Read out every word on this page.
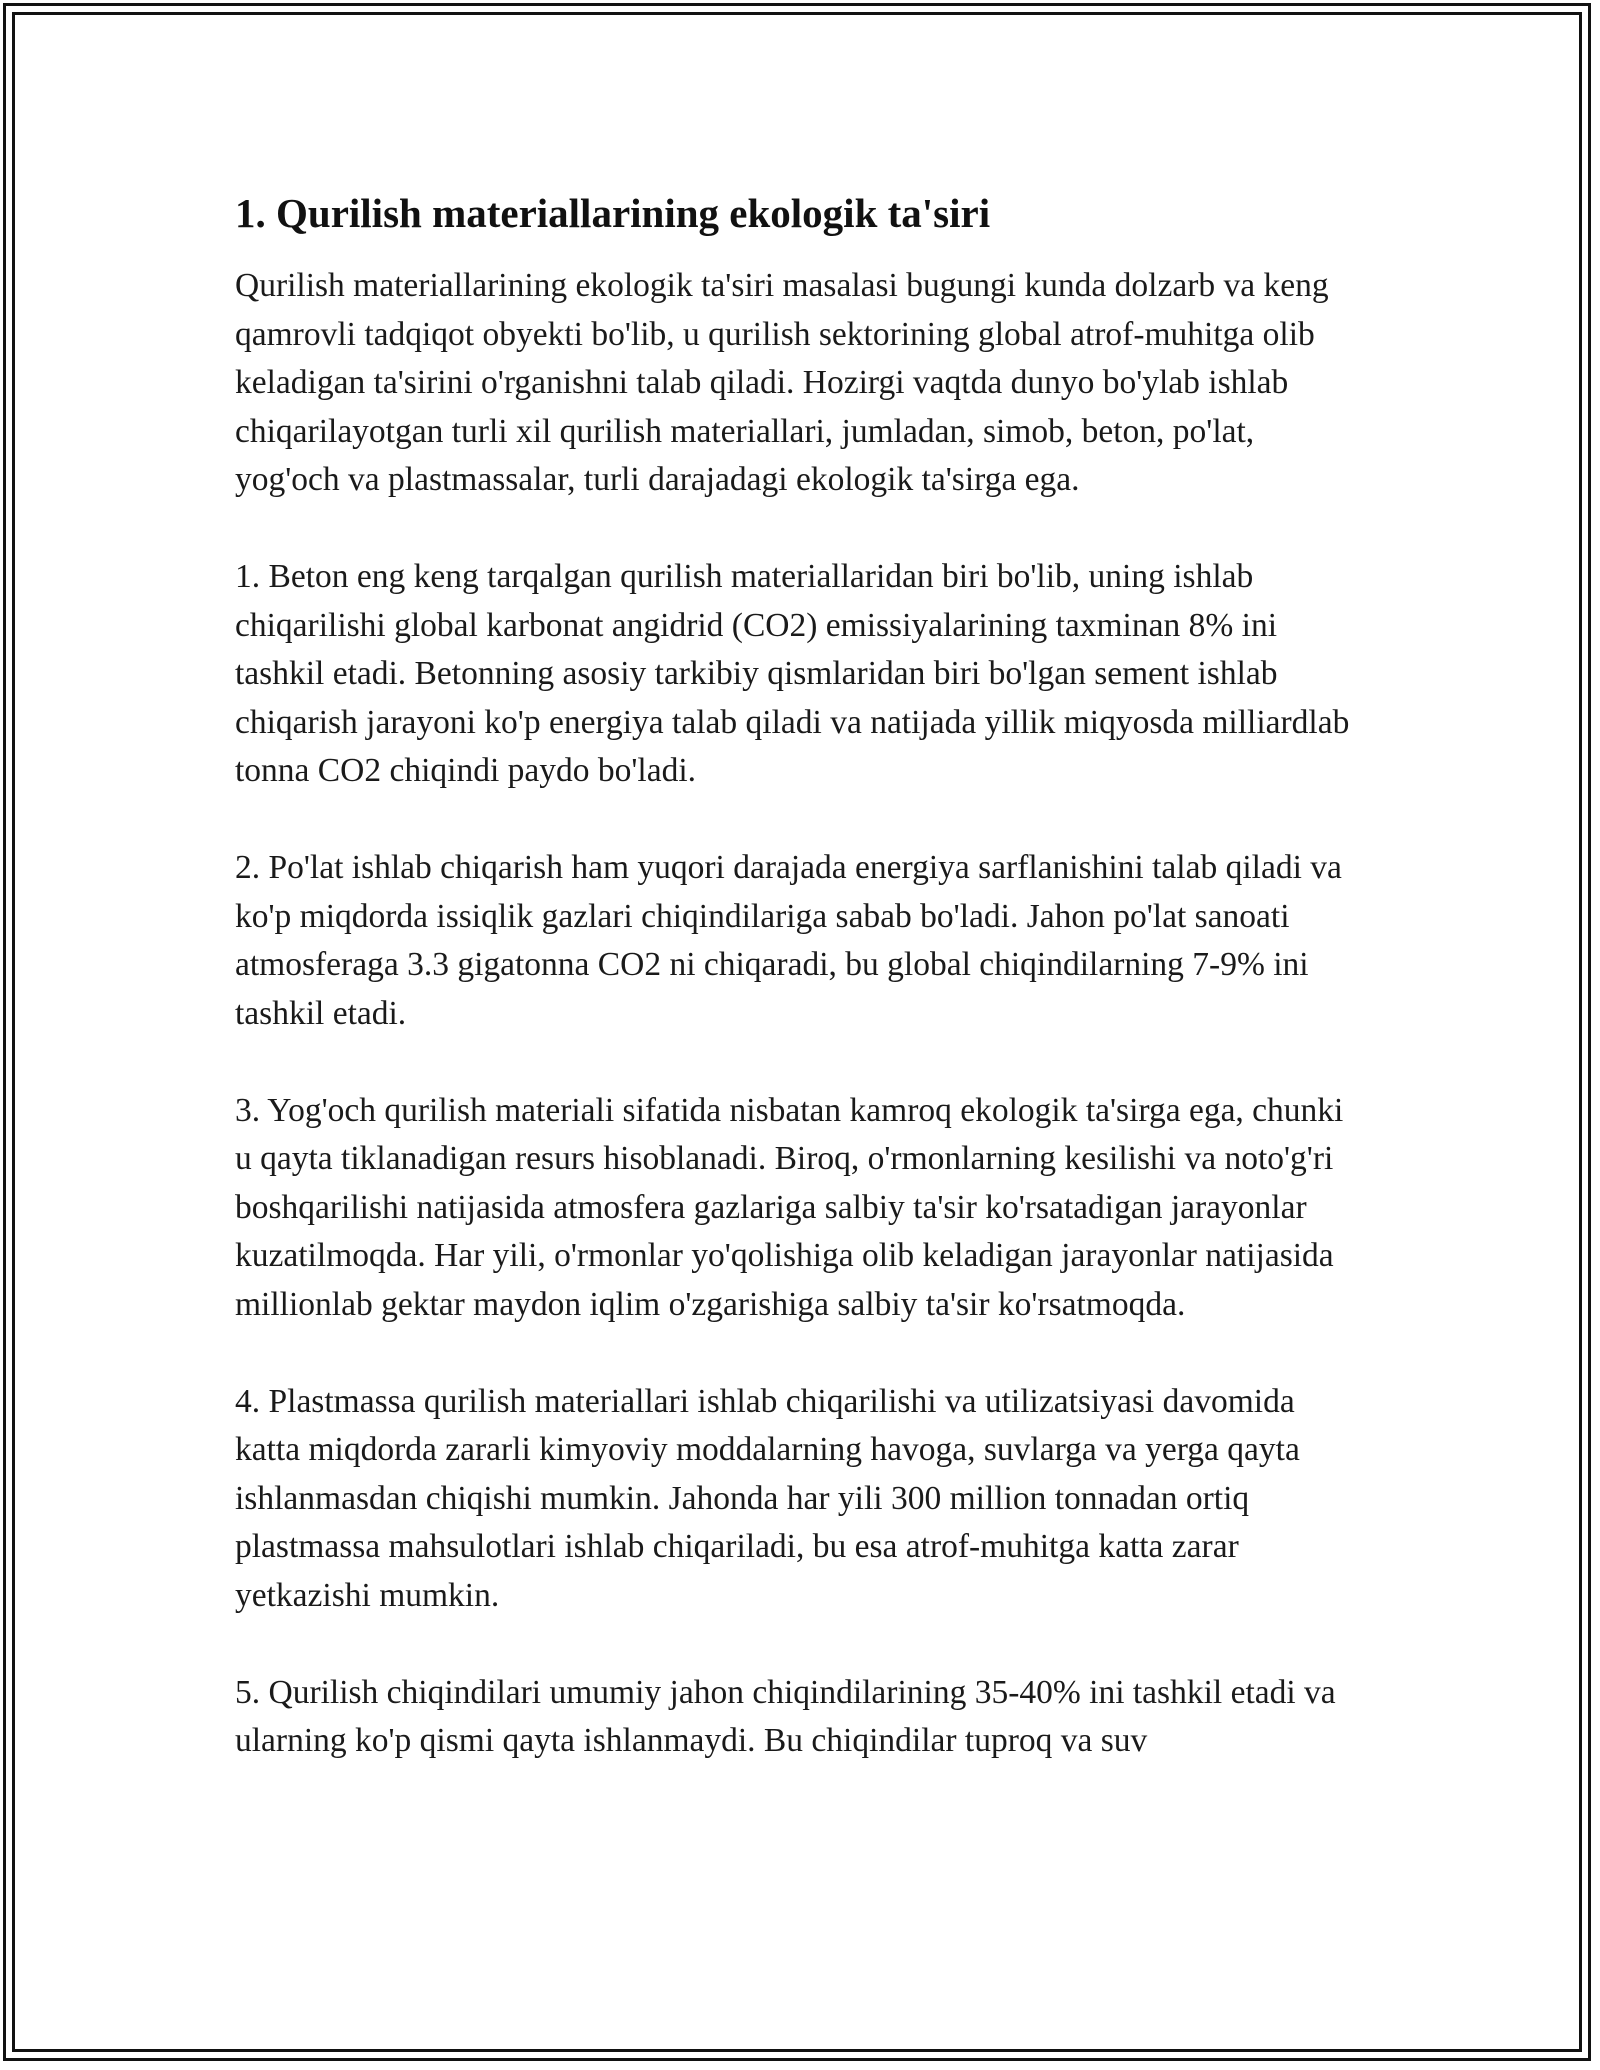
1. Qurilish materiallarining ekologik ta'siri

Qurilish materiallarining ekologik ta'siri masalasi bugungi kunda dolzarb va keng qamrovli tadqiqot obyekti bo'lib, u qurilish sektorining global atrof-muhitga olib keladigan ta'sirini o'rganishni talab qiladi. Hozirgi vaqtda dunyo bo'ylab ishlab chiqarilayotgan turli xil qurilish materiallari, jumladan, simob, beton, po'lat, yog'och va plastmassalar, turli darajadagi ekologik ta'sirga ega.

1. Beton eng keng tarqalgan qurilish materiallaridan biri bo'lib, uning ishlab chiqarilishi global karbonat angidrid (CO2) emissiyalarining taxminan 8% ini tashkil etadi. Betonning asosiy tarkibiy qismlaridan biri bo'lgan sement ishlab chiqarish jarayoni ko'p energiya talab qiladi va natijada yillik miqyosda milliardlab tonna CO2 chiqindi paydo bo'ladi.

2. Po'lat ishlab chiqarish ham yuqori darajada energiya sarflanishini talab qiladi va ko'p miqdorda issiqlik gazlari chiqindilariga sabab bo'ladi. Jahon po'lat sanoati atmosferaga 3.3 gigatonna CO2 ni chiqaradi, bu global chiqindilarning 7-9% ini tashkil etadi.

3. Yog'och qurilish materiali sifatida nisbatan kamroq ekologik ta'sirga ega, chunki u qayta tiklanadigan resurs hisoblanadi. Biroq, o'rmonlarning kesilishi va noto'g'ri boshqarilishi natijasida atmosfera gazlariga salbiy ta'sir ko'rsatadigan jarayonlar kuzatilmoqda. Har yili, o'rmonlar yo'qolishiga olib keladigan jarayonlar natijasida millionlab gektar maydon iqlim o'zgarishiga salbiy ta'sir ko'rsatmoqda.

4. Plastmassa qurilish materiallari ishlab chiqarilishi va utilizatsiyasi davomida katta miqdorda zararli kimyoviy moddalarning havoga, suvlarga va yerga qayta ishlanmasdan chiqishi mumkin. Jahonda har yili 300 million tonnadan ortiq plastmassa mahsulotlari ishlab chiqariladi, bu esa atrof-muhitga katta zarar yetkazishi mumkin.

5. Qurilish chiqindilari umumiy jahon chiqindilarining 35-40% ini tashkil etadi va ularning ko'p qismi qayta ishlanmaydi. Bu chiqindilar tuproq va suv
